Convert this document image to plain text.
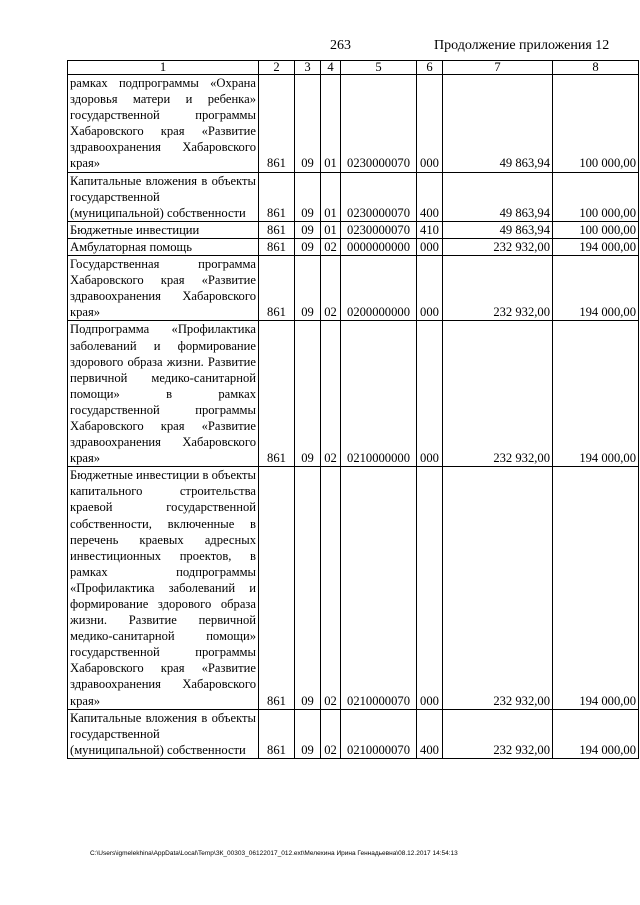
263	Продолжение приложения 12
1	2	3	4	5	6	7	8
рамках подпрограммы «Охрана здоровья матери и ребенка» государственной программы Хабаровского края «Развитие здравоохранения Хабаровского края»	861	09	01	0230000070	000	49 863,94	100 000,00
Капитальные вложения в объекты государственной (муниципальной) собственности	861	09	01	0230000070	400	49 863,94	100 000,00
Бюджетные инвестиции	861	09	01	0230000070	410	49 863,94	100 000,00
Амбулаторная помощь	861	09	02	0000000000	000	232 932,00	194 000,00
Государственная программа Хабаровского края «Развитие здравоохранения Хабаровского края»	861	09	02	0200000000	000	232 932,00	194 000,00
Подпрограмма «Профилактика заболеваний и формирование здорового образа жизни. Развитие первичной медико-санитарной помощи» в рамках государственной программы Хабаровского края «Развитие здравоохранения Хабаровского края»	861	09	02	0210000000	000	232 932,00	194 000,00
Бюджетные инвестиции в объекты капитального строительства краевой государственной собственности, включенные в перечень краевых адресных инвестиционных проектов, в рамках подпрограммы «Профилактика заболеваний и формирование здорового образа жизни. Развитие первичной медико-санитарной помощи» государственной программы Хабаровского края «Развитие здравоохранения Хабаровского края»	861	09	02	0210000070	000	232 932,00	194 000,00
Капитальные вложения в объекты государственной (муниципальной) собственности	861	09	02	0210000070	400	232 932,00	194 000,00
C:\Users\igmelekhina\AppData\Local\Temp\ЗК_00303_06122017_012.ext\Мелехина Ирина Геннадьевна\08.12.2017 14:54:13
